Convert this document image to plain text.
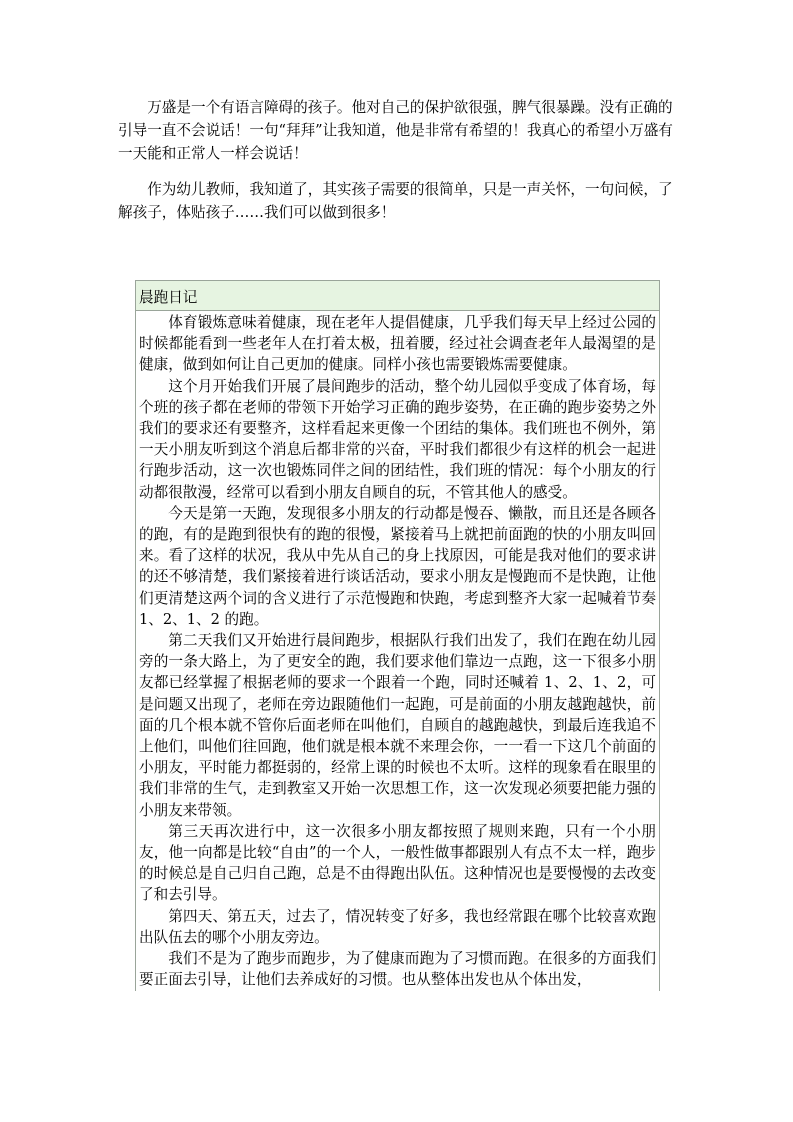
万盛是一个有语言障碍的孩子。他对自己的保护欲很强，脾气很暴躁。没有正确的引导一直不会说话！一句“拜拜”让我知道，他是非常有希望的！我真心的希望小万盛有一天能和正常人一样会说话！

作为幼儿教师，我知道了，其实孩子需要的很简单，只是一声关怀，一句问候，了解孩子，体贴孩子……我们可以做到很多！

晨跑日记

体育锻炼意味着健康，现在老年人提倡健康，几乎我们每天早上经过公园的时候都能看到一些老年人在打着太极，扭着腰，经过社会调查老年人最渴望的是健康，做到如何让自己更加的健康。同样小孩也需要锻炼需要健康。

这个月开始我们开展了晨间跑步的活动，整个幼儿园似乎变成了体育场，每个班的孩子都在老师的带领下开始学习正确的跑步姿势，在正确的跑步姿势之外我们的要求还有要整齐，这样看起来更像一个团结的集体。我们班也不例外，第一天小朋友听到这个消息后都非常的兴奋，平时我们都很少有这样的机会一起进行跑步活动，这一次也锻炼同伴之间的团结性，我们班的情况：每个小朋友的行动都很散漫，经常可以看到小朋友自顾自的玩，不管其他人的感受。

今天是第一天跑，发现很多小朋友的行动都是慢吞、懒散，而且还是各顾各的跑，有的是跑到很快有的跑的很慢，紧接着马上就把前面跑的快的小朋友叫回来。看了这样的状况，我从中先从自己的身上找原因，可能是我对他们的要求讲的还不够清楚，我们紧接着进行谈话活动，要求小朋友是慢跑而不是快跑，让他们更清楚这两个词的含义进行了示范慢跑和快跑，考虑到整齐大家一起喊着节奏 1、2、1、2 的跑。

第二天我们又开始进行晨间跑步，根据队行我们出发了，我们在跑在幼儿园旁的一条大路上，为了更安全的跑，我们要求他们靠边一点跑，这一下很多小朋友都已经掌握了根据老师的要求一个跟着一个跑，同时还喊着 1、2、1、2，可是问题又出现了，老师在旁边跟随他们一起跑，可是前面的小朋友越跑越快，前面的几个根本就不管你后面老师在叫他们，自顾自的越跑越快，到最后连我追不上他们，叫他们往回跑，他们就是根本就不来理会你，一一看一下这几个前面的小朋友，平时能力都挺弱的，经常上课的时候也不太听。这样的现象看在眼里的我们非常的生气，走到教室又开始一次思想工作，这一次发现必须要把能力强的小朋友来带领。

第三天再次进行中，这一次很多小朋友都按照了规则来跑，只有一个小朋友，他一向都是比较“自由”的一个人，一般性做事都跟别人有点不太一样，跑步的时候总是自己归自己跑，总是不由得跑出队伍。这种情况也是要慢慢的去改变了和去引导。

第四天、第五天，过去了，情况转变了好多，我也经常跟在哪个比较喜欢跑出队伍去的哪个小朋友旁边。

我们不是为了跑步而跑步，为了健康而跑为了习惯而跑。在很多的方面我们要正面去引导，让他们去养成好的习惯。也从整体出发也从个体出发，
